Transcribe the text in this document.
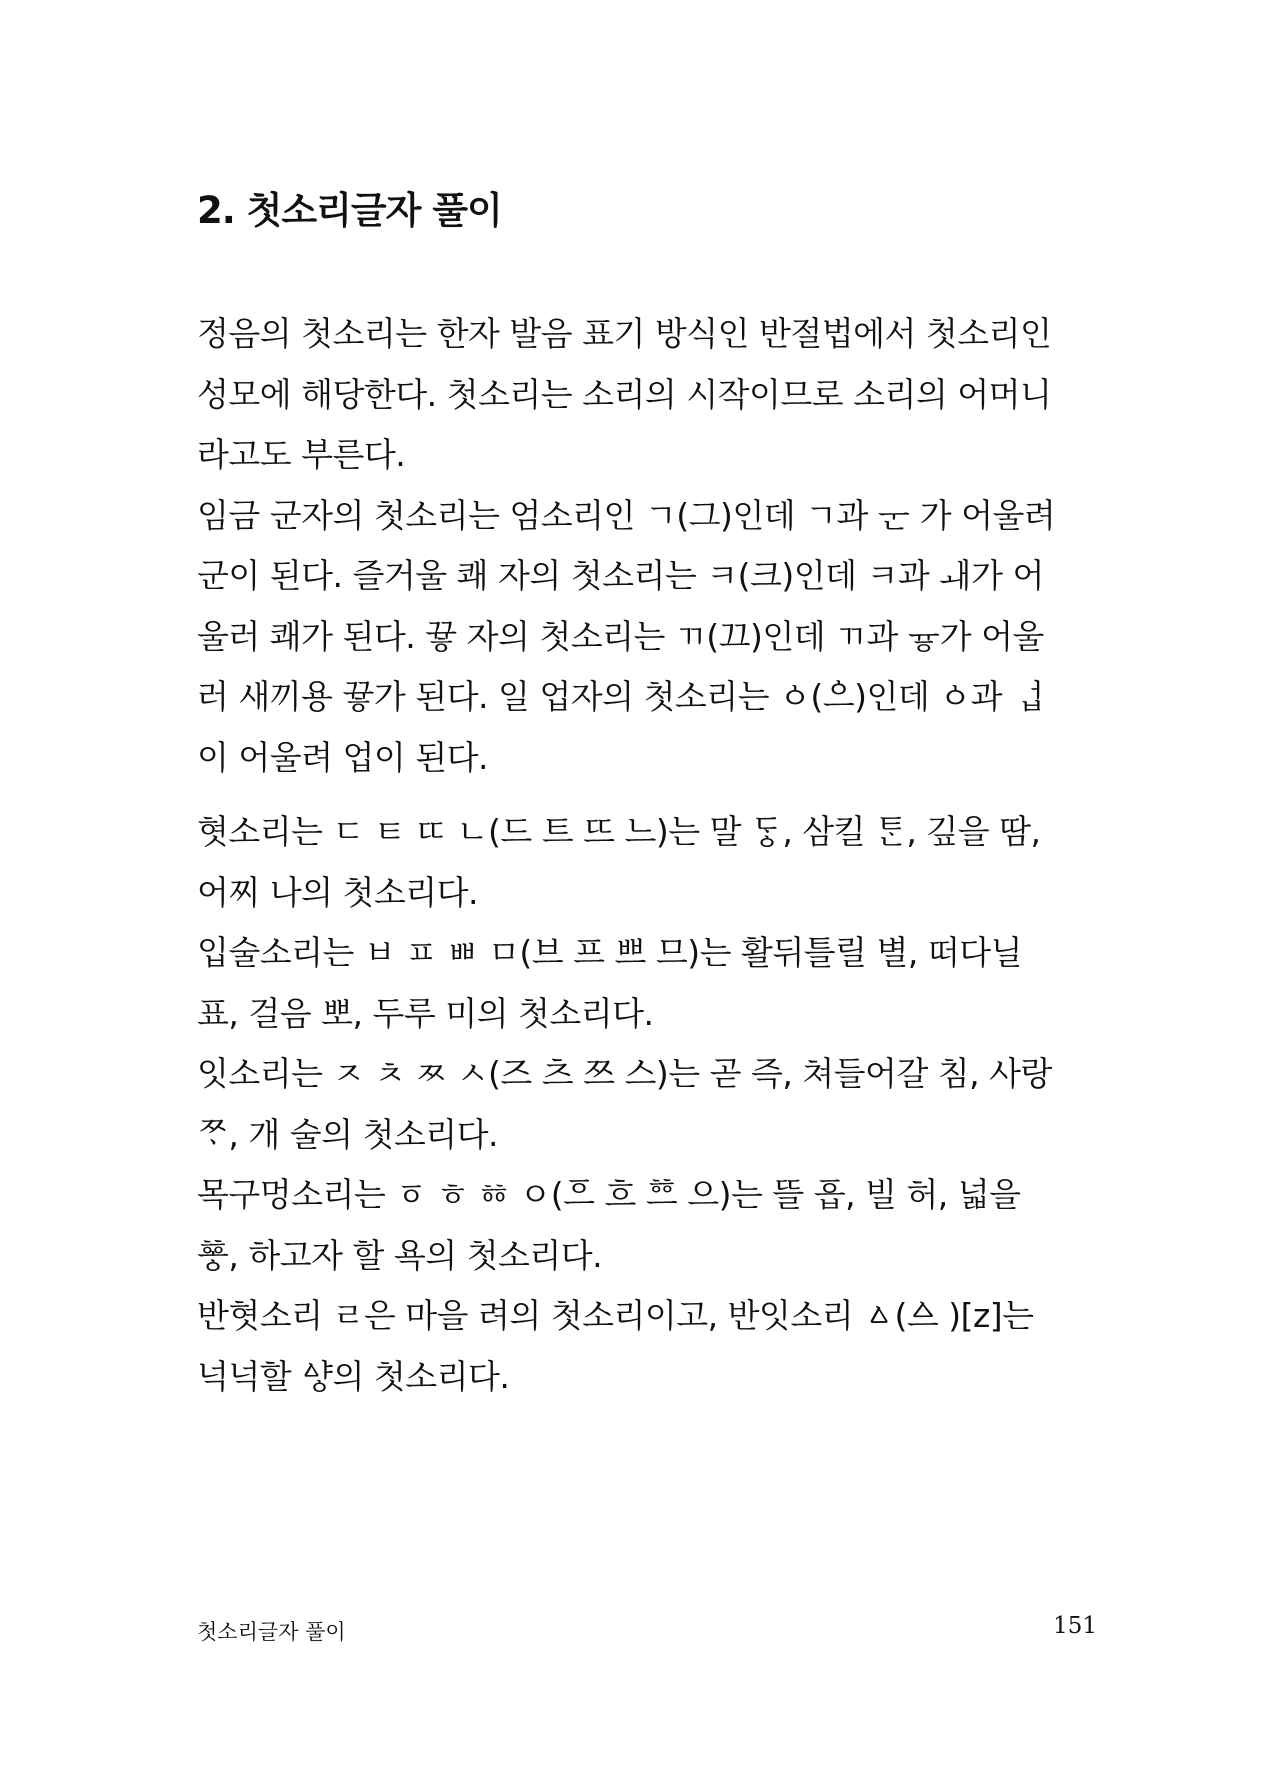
2. 첫소리글자 풀이
정음의 첫소리는 한자 발음 표기 방식인 반절법에서 첫소리인
성모에 해당한다. 첫소리는 소리의 시작이므로 소리의 어머니
라고도 부른다.
임금 군자의 첫소리는 엄소리인 ㄱ(그)인데 ㄱ과 ᅟᅮᆫ 가 어울려
군이 된다. 즐거울 쾌 자의 첫소리는 ㅋ(크)인데 ㅋ과 ᅟᅫ가 어
울러 쾌가 된다. 끃 자의 첫소리는 ㄲ(끄)인데 ㄲ과 ᅟᅲᇹ가 어울
러 새끼용 끃가 된다. 일 업자의 첫소리는 ㆁ(ᅌᅳ)인데 ㆁ과 ᅟᅥᆸ
이 어울려 업이 된다.
혓소리는 ㄷ ㅌ ㄸ ㄴ(드 트 뜨 느)는 말 ᄃᆞᇰ, 삼킬 ᄐᆞᆫ, 깊을 땀,
어찌 나의 첫소리다.
입술소리는 ㅂ ㅍ ㅃ ㅁ(브 프 쁘 므)는 활뒤틀릴 별, 떠다닐
표, 걸음 뽀, 두루 미의 첫소리다.
잇소리는 ㅈ ㅊ ㅉ ㅅ(즈 츠 쯔 스)는 곧 즉, 쳐들어갈 침, 사랑
ᄍᆞ, 개 술의 첫소리다.
목구멍소리는 ㆆ ㅎ ㆅ ㅇ(ᅙᅳ 흐 ᅘᅳ 으)는 뜰 ᅙᅳᆸ, 빌 허, 넓을
ᅘᅩᇰ, 하고자 할 욕의 첫소리다.
반혓소리 ㄹ은 마을 려의 첫소리이고, 반잇소리 ㅿ(ᅀᅳ )[z]는
넉넉할 ᅀᅣᇰ의 첫소리다.
첫소리글자 풀이	151
